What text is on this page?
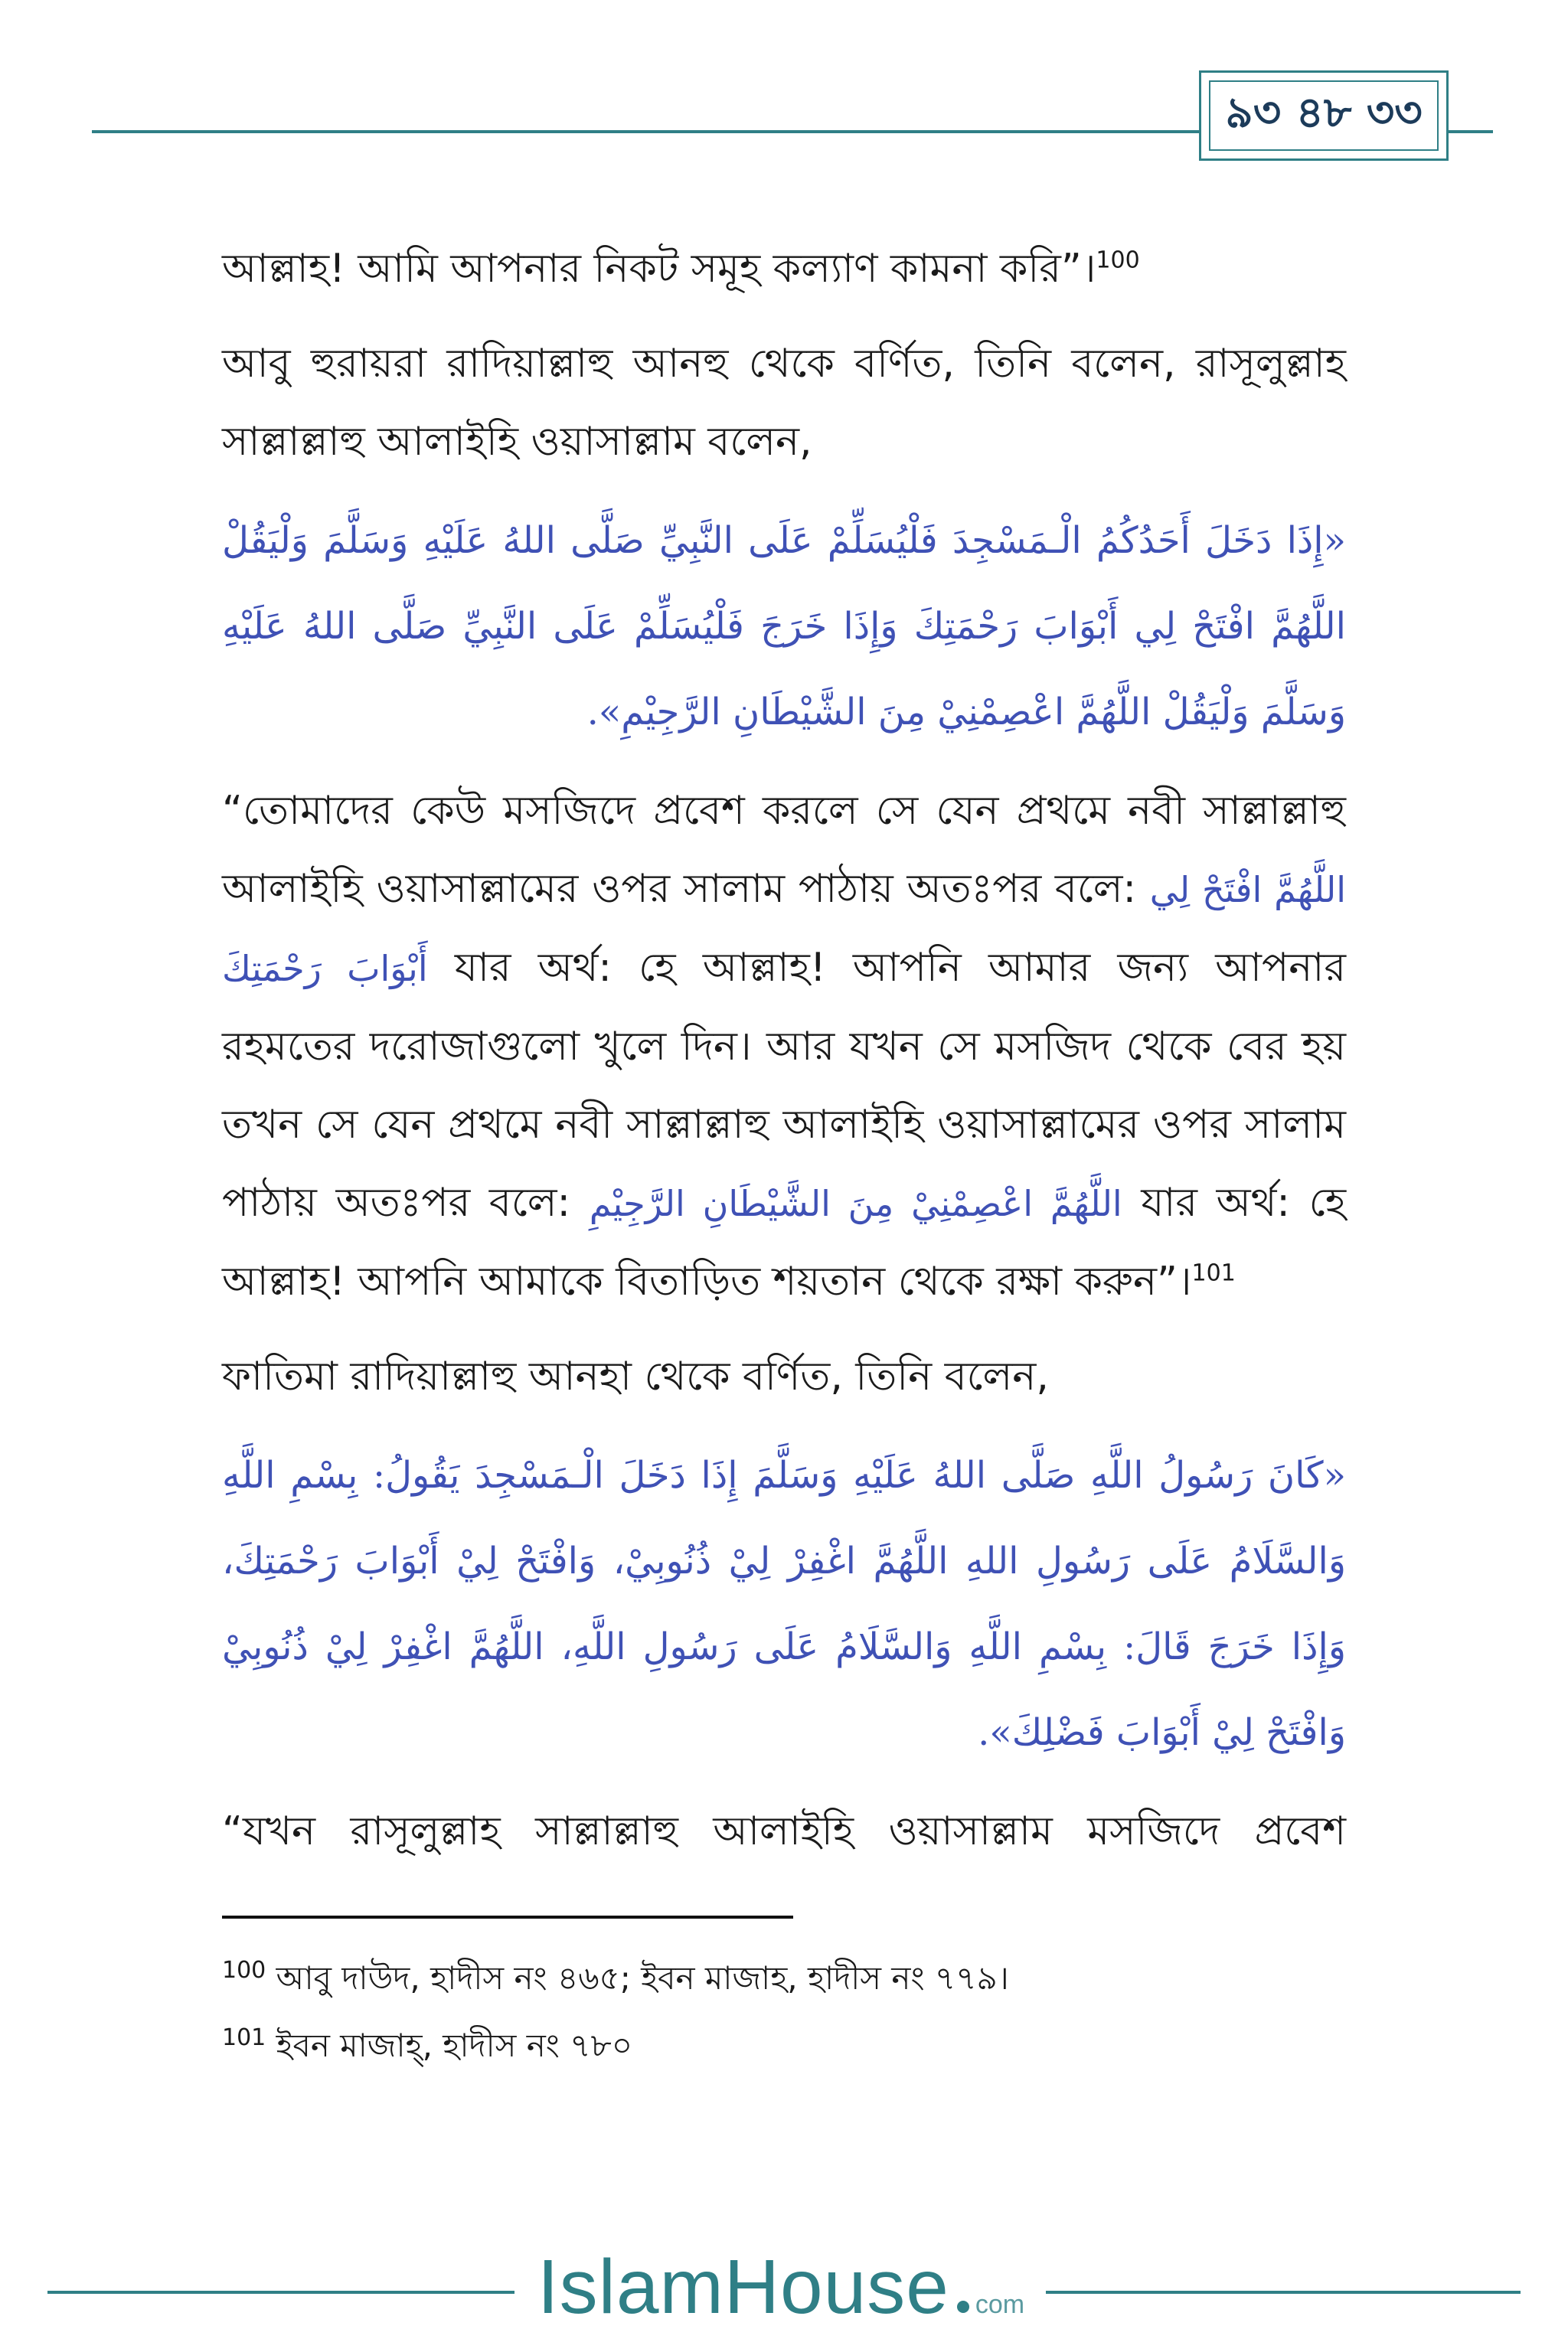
৯৩ ৪৮ ৩৩

আল্লাহ! আমি আপনার নিকট সমূহ কল্যাণ কামনা করি”।$^{100}$

আবু হুরায়রা রাদিয়াল্লাহু আনহু থেকে বর্ণিত, তিনি বলেন, রাসূলুল্লাহ সাল্লাল্লাহু আলাইহি ওয়াসাল্লাম বলেন,

«إِذَا دَخَلَ أَحَدُكُمُ الْـمَسْجِدَ فَلْيُسَلِّمْ عَلَى النَّبِيِّ صَلَّى اللهُ عَلَيْهِ وَسَلَّمَ وَلْيَقُلْ اللَّهُمَّ افْتَحْ لِي أَبْوَابَ رَحْمَتِكَ وَإِذَا خَرَجَ فَلْيُسَلِّمْ عَلَى النَّبِيِّ صَلَّى اللهُ عَلَيْهِ وَسَلَّمَ وَلْيَقُلْ اللَّهُمَّ اعْصِمْنِيْ مِنَ الشَّيْطَانِ الرَّجِيْمِ».

“তোমাদের কেউ মসজিদে প্রবেশ করলে সে যেন প্রথমে নবী সাল্লাল্লাহু আলাইহি ওয়াসাল্লামের ওপর সালাম পাঠায় অতঃপর বলে: اللَّهُمَّ افْتَحْ لِي أَبْوَابَ رَحْمَتِكَ যার অর্থ: হে আল্লাহ! আপনি আমার জন্য আপনার রহমতের দরোজাগুলো খুলে দিন। আর যখন সে মসজিদ থেকে বের হয় তখন সে যেন প্রথমে নবী সাল্লাল্লাহু আলাইহি ওয়াসাল্লামের ওপর সালাম পাঠায় অতঃপর বলে: اللَّهُمَّ اعْصِمْنِيْ مِنَ الشَّيْطَانِ الرَّجِيْمِ যার অর্থ: হে আল্লাহ! আপনি আমাকে বিতাড়িত শয়তান থেকে রক্ষা করুন”।$^{101}$

ফাতিমা রাদিয়াল্লাহু আনহা থেকে বর্ণিত, তিনি বলেন,

«كَانَ رَسُولُ اللَّهِ صَلَّى اللهُ عَلَيْهِ وَسَلَّمَ إِذَا دَخَلَ الْـمَسْجِدَ يَقُولُ: بِسْمِ اللَّهِ وَالسَّلَامُ عَلَى رَسُولِ اللهِ اللَّهُمَّ اغْفِرْ لِيْ ذُنُوبِيْ، وَافْتَحْ لِيْ أَبْوَابَ رَحْمَتِكَ، وَإِذَا خَرَجَ قَالَ: بِسْمِ اللَّهِ وَالسَّلَامُ عَلَى رَسُولِ اللَّهِ، اللَّهُمَّ اغْفِرْ لِيْ ذُنُوبِيْ وَافْتَحْ لِيْ أَبْوَابَ فَضْلِكَ».

“যখন রাসূলুল্লাহ সাল্লাল্লাহু আলাইহি ওয়াসাল্লাম মসজিদে প্রবেশ

$^{100}$ আবু দাউদ, হাদীস নং ৪৬৫; ইবন মাজাহ, হাদীস নং ৭৭৯।

$^{101}$ ইবন মাজাহ্, হাদীস নং ৭৮০

IslamHouse com
